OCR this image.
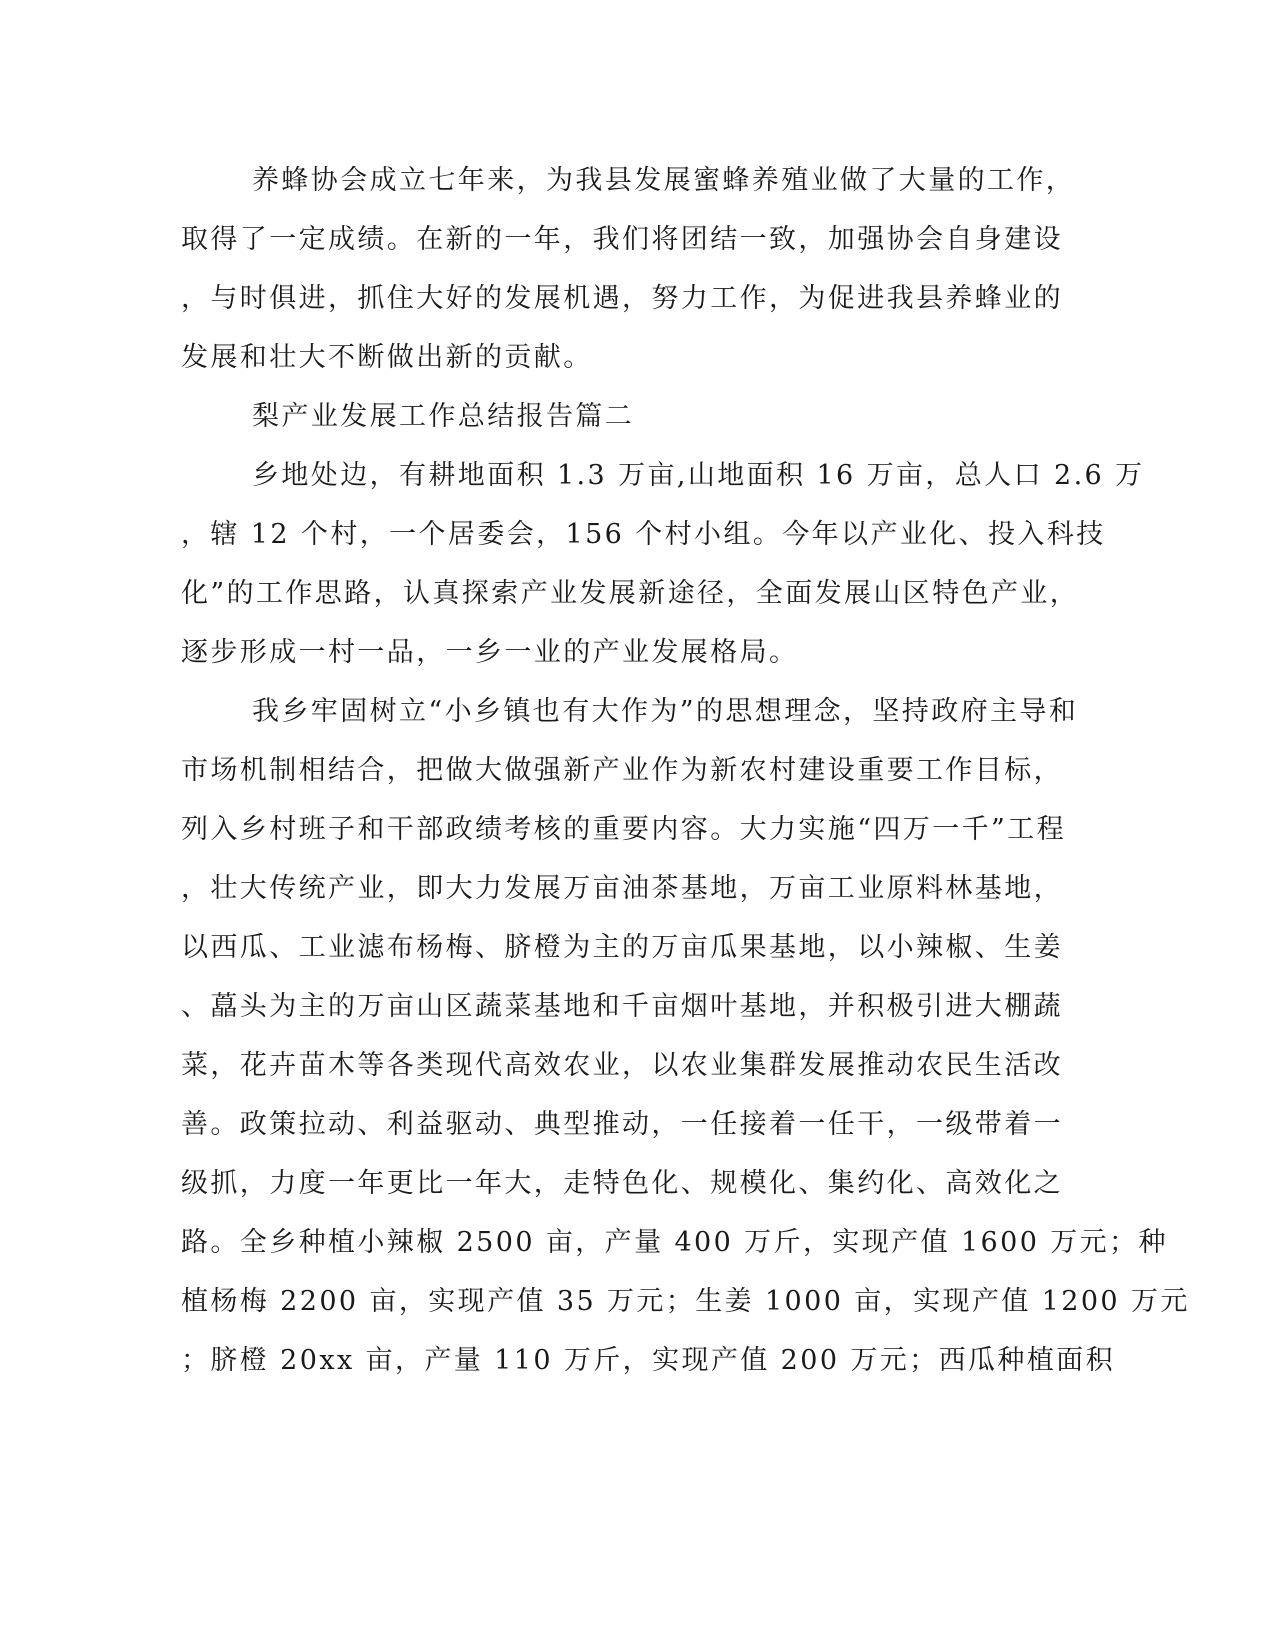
养蜂协会成立七年来，为我县发展蜜蜂养殖业做了大量的工作，
取得了一定成绩。在新的一年，我们将团结一致，加强协会自身建设
，与时俱进，抓住大好的发展机遇，努力工作，为促进我县养蜂业的
发展和壮大不断做出新的贡献。
梨产业发展工作总结报告篇二
乡地处边，有耕地面积 1.3 万亩,山地面积 16 万亩，总人口 2.6 万
，辖 12 个村，一个居委会，156 个村小组。今年以产业化、投入科技
化”的工作思路，认真探索产业发展新途径，全面发展山区特色产业，
逐步形成一村一品，一乡一业的产业发展格局。
我乡牢固树立“小乡镇也有大作为”的思想理念，坚持政府主导和
市场机制相结合，把做大做强新产业作为新农村建设重要工作目标，
列入乡村班子和干部政绩考核的重要内容。大力实施“四万一千”工程
，壮大传统产业，即大力发展万亩油茶基地，万亩工业原料林基地，
以西瓜、工业滤布杨梅、脐橙为主的万亩瓜果基地，以小辣椒、生姜
、藠头为主的万亩山区蔬菜基地和千亩烟叶基地，并积极引进大棚蔬
菜，花卉苗木等各类现代高效农业，以农业集群发展推动农民生活改
善。政策拉动、利益驱动、典型推动，一任接着一任干，一级带着一
级抓，力度一年更比一年大，走特色化、规模化、集约化、高效化之
路。全乡种植小辣椒 2500 亩，产量 400 万斤，实现产值 1600 万元；种
植杨梅 2200 亩，实现产值 35 万元；生姜 1000 亩，实现产值 1200 万元
；脐橙 20xx 亩，产量 110 万斤，实现产值 200 万元；西瓜种植面积
